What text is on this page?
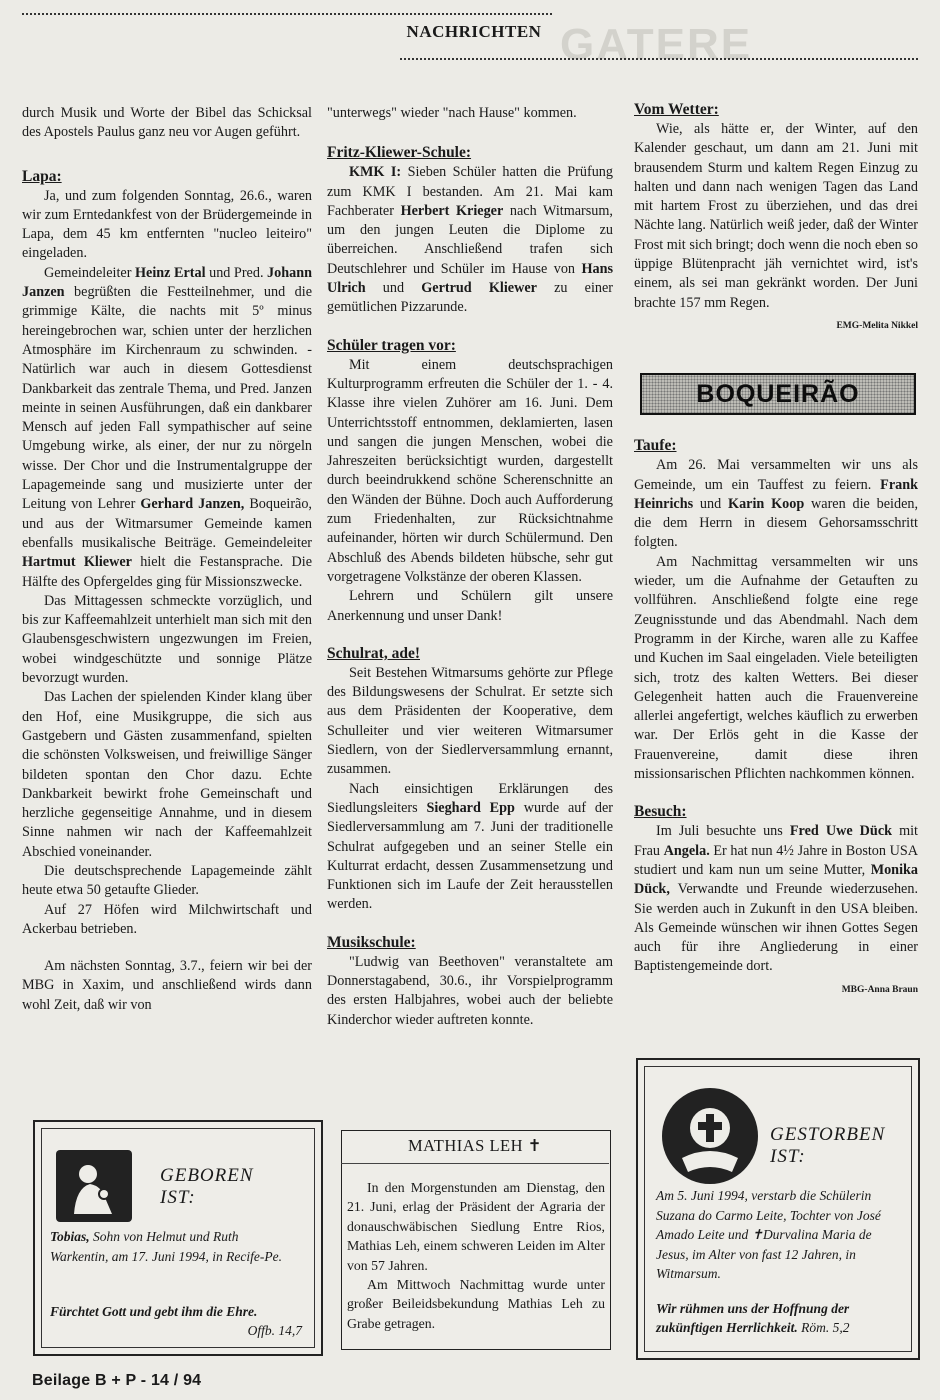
GATERE
NACHRICHTEN

durch Musik und Worte der Bibel das Schicksal des Apostels Paulus ganz neu vor Augen geführt.

Lapa:

Ja, und zum folgenden Sonntag, 26.6., waren wir zum Erntedankfest von der Brüdergemeinde in Lapa, dem 45 km entfernten "nucleo leiteiro" eingeladen.

Gemeindeleiter Heinz Ertal und Pred. Johann Janzen begrüßten die Festteilnehmer, und die grimmige Kälte, die nachts mit 5º minus hereingebrochen war, schien unter der herzlichen Atmosphäre im Kirchenraum zu schwinden. - Natürlich war auch in diesem Gottesdienst Dankbarkeit das zentrale Thema, und Pred. Janzen meinte in seinen Ausführungen, daß ein dankbarer Mensch auf jeden Fall sympathischer auf seine Umgebung wirke, als einer, der nur zu nörgeln wisse. Der Chor und die Instrumentalgruppe der Lapagemeinde sang und musizierte unter der Leitung von Lehrer Gerhard Janzen, Boqueirão, und aus der Witmarsumer Gemeinde kamen ebenfalls musikalische Beiträge. Gemeindeleiter Hartmut Kliewer hielt die Festansprache. Die Hälfte des Opfergeldes ging für Missionszwecke.

Das Mittagessen schmeckte vorzüglich, und bis zur Kaffeemahlzeit unterhielt man sich mit den Glaubensgeschwistern ungezwungen im Freien, wobei windgeschützte und sonnige Plätze bevorzugt wurden.

Das Lachen der spielenden Kinder klang über den Hof, eine Musikgruppe, die sich aus Gastgebern und Gästen zusammenfand, spielten die schönsten Volksweisen, und freiwillige Sänger bildeten spontan den Chor dazu. Echte Dankbarkeit bewirkt frohe Gemeinschaft und herzliche gegenseitige Annahme, und in diesem Sinne nahmen wir nach der Kaffeemahlzeit Abschied voneinander.

Die deutschsprechende Lapagemeinde zählt heute etwa 50 getaufte Glieder.

Auf 27 Höfen wird Milchwirtschaft und Ackerbau betrieben.

Am nächsten Sonntag, 3.7., feiern wir bei der MBG in Xaxim, und anschließend wirds dann wohl Zeit, daß wir von

"unterwegs" wieder "nach Hause" kommen.

Fritz-Kliewer-Schule:

KMK I: Sieben Schüler hatten die Prüfung zum KMK I bestanden. Am 21. Mai kam Fachberater Herbert Krieger nach Witmarsum, um den jungen Leuten die Diplome zu überreichen. Anschließend trafen sich Deutschlehrer und Schüler im Hause von Hans Ulrich und Gertrud Kliewer zu einer gemütlichen Pizzarunde.

Schüler tragen vor:

Mit einem deutschsprachigen Kulturprogramm erfreuten die Schüler der 1. - 4. Klasse ihre vielen Zuhörer am 16. Juni. Dem Unterrichtsstoff entnommen, deklamierten, lasen und sangen die jungen Menschen, wobei die Jahreszeiten berücksichtigt wurden, dargestellt durch beeindrukkend schöne Scherenschnitte an den Wänden der Bühne. Doch auch Aufforderung zum Friedenhalten, zur Rücksichtnahme aufeinander, hörten wir durch Schülermund. Den Abschluß des Abends bildeten hübsche, sehr gut vorgetragene Volkstänze der oberen Klassen.

Lehrern und Schülern gilt unsere Anerkennung und unser Dank!

Schulrat, ade!

Seit Bestehen Witmarsums gehörte zur Pflege des Bildungswesens der Schulrat. Er setzte sich aus dem Präsidenten der Kooperative, dem Schulleiter und vier weiteren Witmarsumer Siedlern, von der Siedlerversammlung ernannt, zusammen.

Nach einsichtigen Erklärungen des Siedlungsleiters Sieghard Epp wurde auf der Siedlerversammlung am 7. Juni der traditionelle Schulrat aufgegeben und an seiner Stelle ein Kulturrat erdacht, dessen Zusammensetzung und Funktionen sich im Laufe der Zeit herausstellen werden.

Musikschule:

"Ludwig van Beethoven" veranstaltete am Donnerstagabend, 30.6., ihr Vorspielprogramm des ersten Halbjahres, wobei auch der beliebte Kinderchor wieder auftreten konnte.

Vom Wetter:

Wie, als hätte er, der Winter, auf den Kalender geschaut, um dann am 21. Juni mit brausendem Sturm und kaltem Regen Einzug zu halten und dann nach wenigen Tagen das Land mit hartem Frost zu überziehen, und das drei Nächte lang. Natürlich weiß jeder, daß der Winter Frost mit sich bringt; doch wenn die noch eben so üppige Blütenpracht jäh vernichtet wird, ist's einem, als sei man gekränkt worden. Der Juni brachte 157 mm Regen.

EMG-Melita Nikkel
Taufe:

Am 26. Mai versammelten wir uns als Gemeinde, um ein Tauffest zu feiern. Frank Heinrichs und Karin Koop waren die beiden, die dem Herrn in diesem Gehorsamsschritt folgten.

Am Nachmittag versammelten wir uns wieder, um die Aufnahme der Getauften zu vollführen. Anschließend folgte eine rege Zeugnisstunde und das Abendmahl. Nach dem Programm in der Kirche, waren alle zu Kaffee und Kuchen im Saal eingeladen. Viele beteiligten sich, trotz des kalten Wetters. Bei dieser Gelegenheit hatten auch die Frauenvereine allerlei angefertigt, welches käuflich zu erwerben war. Der Erlös geht in die Kasse der Frauenvereine, damit diese ihren missionsarischen Pflichten nachkommen können.

Besuch:

Im Juli besuchte uns Fred Uwe Dück mit Frau Angela. Er hat nun 4½ Jahre in Boston USA studiert und kam nun um seine Mutter, Monika Dück, Verwandte und Freunde wiederzusehen. Sie werden auch in Zukunft in den USA bleiben. Als Gemeinde wünschen wir ihnen Gottes Segen auch für ihre Angliederung in einer Baptistengemeinde dort.

MBG-Anna Braun
BOQUEIRÃO
GEBOREN
IST:
Tobias, Sohn von Helmut und Ruth Warkentin, am 17. Juni 1994, in Recife-Pe.
Fürchtet Gott und gebt ihm die Ehre.
Offb. 14,7
MATHIAS LEH ✝

In den Morgenstunden am Dienstag, den 21. Juni, erlag der Präsident der Agraria der donauschwäbischen Siedlung Entre Rios, Mathias Leh, einem schweren Leiden im Alter von 57 Jahren.

Am Mittwoch Nachmittag wurde unter großer Beileidsbekundung Mathias Leh zu Grabe getragen.

GESTORBEN
IST:
Am 5. Juni 1994, verstarb die Schülerin Suzana do Carmo Leite, Tochter von José Amado Leite und ✝Durvalina Maria de Jesus, im Alter von fast 12 Jahren, in Witmarsum.
Wir rühmen uns der Hoffnung der zukünftigen Herrlichkeit. Röm. 5,2
Beilage B + P - 14 / 94
